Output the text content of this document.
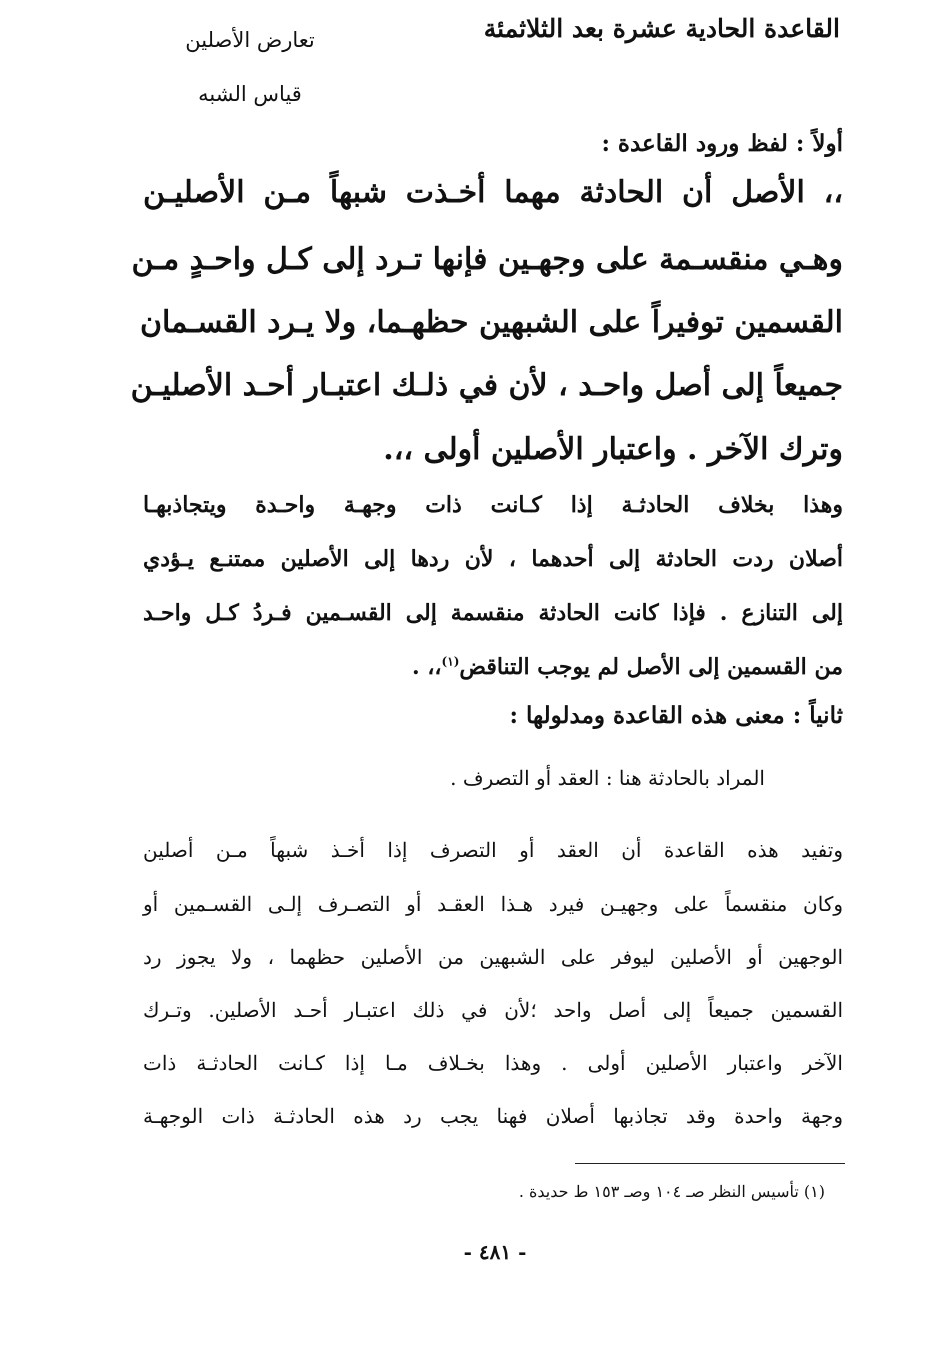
القاعدة الحادية عشرة بعد الثلاثمئة
تعارض الأصلين
قياس الشبه
أولاً : لفظ ورود القاعدة :
،، الأصل أن الحادثة مهما أخـذت شبهاً مـن الأصليـن
وهـي منقسـمة على وجهـين فإنها تـرد إلى كـل واحـدٍ مـن
القسمين توفيراً على الشبهين حظهـما، ولا يـرد القسـمان
جميعاً إلى أصل واحـد ، لأن في ذلـك اعتبـار أحـد الأصليـن
وترك الآخر . واعتبار الأصلين أولى ،،.
وهذا بخلاف الحادثـة إذا كـانت ذات وجهـة واحـدة ويتجاذبهـا
أصلان ردت الحادثة إلى أحدهما ، لأن ردها إلى الأصلين ممتنـع يـؤدي
إلى التنازع . فإذا كانت الحادثة منقسمة إلى القسـمين فـردُ كـل واحـد
من القسمين إلى الأصل لم يوجب التناقض$^{(١)}$،، .
ثانياً : معنى هذه القاعدة ومدلولها :
المراد بالحادثة هنا : العقد أو التصرف .
وتفيد هذه القاعدة أن العقد أو التصرف إذا أخـذ شبهاً مـن أصلين
وكان منقسماً على وجهيـن فيرد هـذا العقـد أو التصـرف إلـى القسـمين أو
الوجهين أو الأصلين ليوفر على الشبهين من الأصلين حظهما ، ولا يجوز رد
القسمين جميعاً إلى أصل واحد ؛لأن في ذلك اعتبـار أحـد الأصلين. وتـرك
الآخر واعتبار الأصلين أولى . وهذا بخـلاف مـا إذا كـانت الحادثـة ذات
وجهة واحدة وقد تجاذبها أصلان فهنا يجب رد هذه الحادثـة ذات الوجهـة
(١) تأسيس النظر صـ ١٠٤ وصـ ١٥٣ ط حديدة .
- ٤٨١ -
